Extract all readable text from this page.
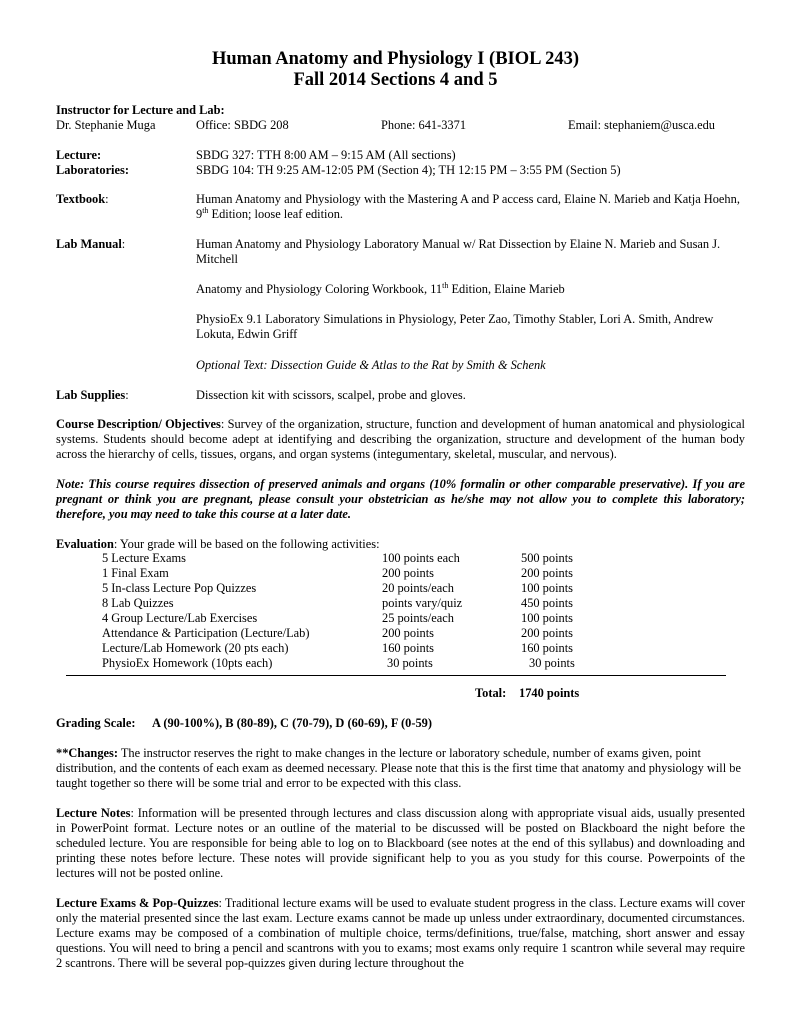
Human Anatomy and Physiology I (BIOL 243)
Fall 2014 Sections 4 and 5
Instructor for Lecture and Lab:
Dr. Stephanie Muga	Office: SBDG 208	Phone: 641-3371	Email: stephaniem@usca.edu
Lecture:	SBDG 327: TTH 8:00 AM – 9:15 AM (All sections)
Laboratories:	SBDG 104: TH 9:25 AM-12:05 PM (Section 4); TH 12:15 PM – 3:55 PM (Section 5)
Textbook:	Human Anatomy and Physiology with the Mastering A and P access card, Elaine N. Marieb and Katja Hoehn, 9th Edition; loose leaf edition.
Lab Manual:	Human Anatomy and Physiology Laboratory Manual w/ Rat Dissection by Elaine N. Marieb and Susan J. Mitchell
Anatomy and Physiology Coloring Workbook, 11th Edition, Elaine Marieb
PhysioEx 9.1 Laboratory Simulations in Physiology, Peter Zao, Timothy Stabler, Lori A. Smith, Andrew Lokuta, Edwin Griff
Optional Text: Dissection Guide & Atlas to the Rat by Smith & Schenk
Lab Supplies:	Dissection kit with scissors, scalpel, probe and gloves.
Course Description/ Objectives: Survey of the organization, structure, function and development of human anatomical and physiological systems. Students should become adept at identifying and describing the organization, structure and development of the human body across the hierarchy of cells, tissues, organs, and organ systems (integumentary, skeletal, muscular, and nervous).
Note: This course requires dissection of preserved animals and organs (10% formalin or other comparable preservative). If you are pregnant or think you are pregnant, please consult your obstetrician as he/she may not allow you to complete this laboratory; therefore, you may need to take this course at a later date.
Evaluation: Your grade will be based on the following activities:
5 Lecture Exams	100 points each	500 points
1 Final Exam	200 points	200 points
5 In-class Lecture Pop Quizzes	20 points/each	100 points
8 Lab Quizzes	points vary/quiz	450 points
4 Group Lecture/Lab Exercises	25 points/each	100 points
Attendance & Participation (Lecture/Lab)	200 points	200 points
Lecture/Lab Homework (20 pts each)	160 points	160 points
PhysioEx Homework (10pts each)	30 points	30 points
Total: 1740 points
Grading Scale: A (90-100%), B (80-89), C (70-79), D (60-69), F (0-59)
**Changes: The instructor reserves the right to make changes in the lecture or laboratory schedule, number of exams given, point distribution, and the contents of each exam as deemed necessary. Please note that this is the first time that anatomy and physiology will be taught together so there will be some trial and error to be expected with this class.
Lecture Notes: Information will be presented through lectures and class discussion along with appropriate visual aids, usually presented in PowerPoint format. Lecture notes or an outline of the material to be discussed will be posted on Blackboard the night before the scheduled lecture. You are responsible for being able to log on to Blackboard (see notes at the end of this syllabus) and downloading and printing these notes before lecture. These notes will provide significant help to you as you study for this course. Powerpoints of the lectures will not be posted online.
Lecture Exams & Pop-Quizzes: Traditional lecture exams will be used to evaluate student progress in the class. Lecture exams will cover only the material presented since the last exam. Lecture exams cannot be made up unless under extraordinary, documented circumstances. Lecture exams may be composed of a combination of multiple choice, terms/definitions, true/false, matching, short answer and essay questions. You will need to bring a pencil and scantrons with you to exams; most exams only require 1 scantron while several may require 2 scantrons. There will be several pop-quizzes given during lecture throughout the
